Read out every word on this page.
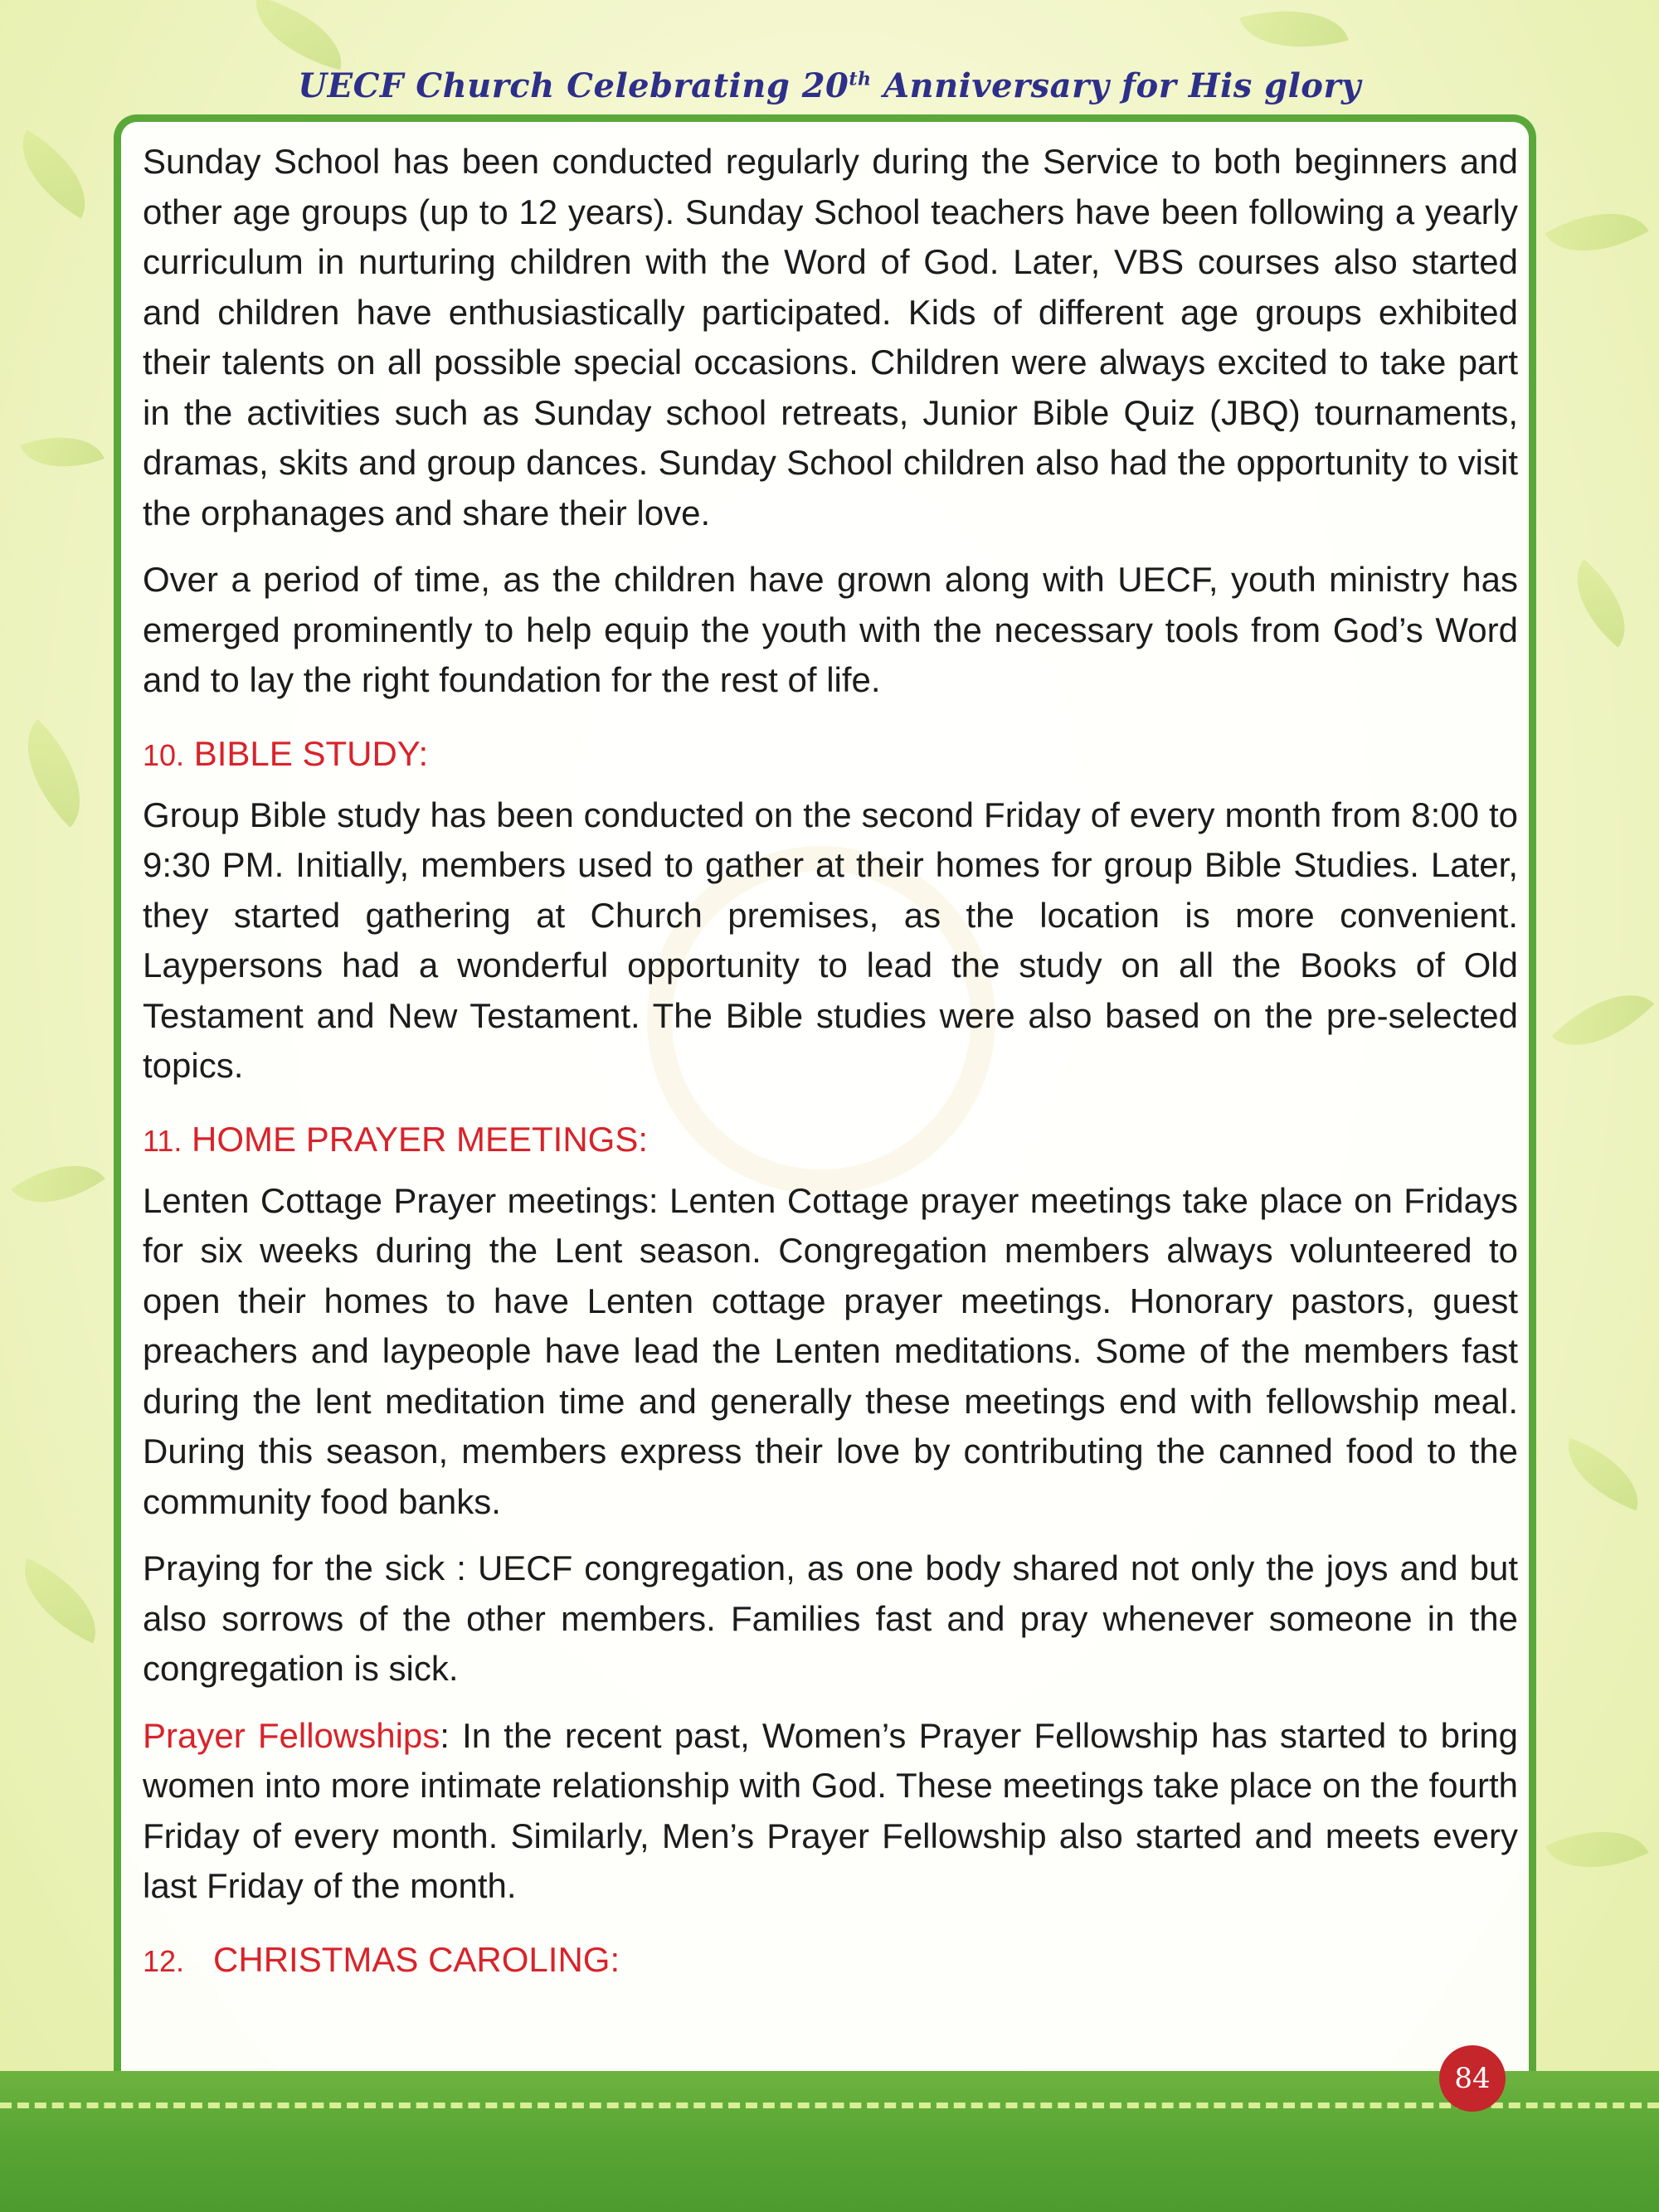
UECF Church Celebrating 20th Anniversary for His glory

Sunday School has been conducted regularly during the Service to both beginners and other age groups (up to 12 years). Sunday School teachers have been following a yearly curriculum in nurturing children with the Word of God. Later, VBS courses also started and children have enthusiastically participated. Kids of different age groups exhibited their talents on all possible special occasions. Children were always excited to take part in the activities such as Sunday school retreats, Junior Bible Quiz (JBQ) tournaments, dramas, skits and group dances. Sunday School children also had the opportunity to visit the orphanages and share their love.

Over a period of time, as the children have grown along with UECF, youth ministry has emerged prominently to help equip the youth with the necessary tools from God’s Word and to lay the right foundation for the rest of life.

10. BIBLE STUDY:

Group Bible study has been conducted on the second Friday of every month from 8:00 to 9:30 PM. Initially, members used to gather at their homes for group Bible Studies. Later, they started gathering at Church premises, as the location is more convenient. Laypersons had a wonderful opportunity to lead the study on all the Books of Old Testament and New Testament. The Bible studies were also based on the pre-selected topics.

11. HOME PRAYER MEETINGS:

Lenten Cottage Prayer meetings: Lenten Cottage prayer meetings take place on Fridays for six weeks during the Lent season. Congregation members always volunteered to open their homes to have Lenten cottage prayer meetings. Honorary pastors, guest preachers and laypeople have lead the Lenten meditations. Some of the members fast during the lent meditation time and generally these meetings end with fellowship meal. During this season, members express their love by contributing the canned food to the community food banks.

Praying for the sick : UECF congregation, as one body shared not only the joys and but also sorrows of the other members. Families fast and pray whenever someone in the congregation is sick.

Prayer Fellowships: In the recent past, Women’s Prayer Fellowship has started to bring women into more intimate relationship with God. These meetings take place on the fourth Friday of every month. Similarly, Men’s Prayer Fellowship also started and meets every last Friday of the month.

12.   CHRISTMAS CAROLING:
84
